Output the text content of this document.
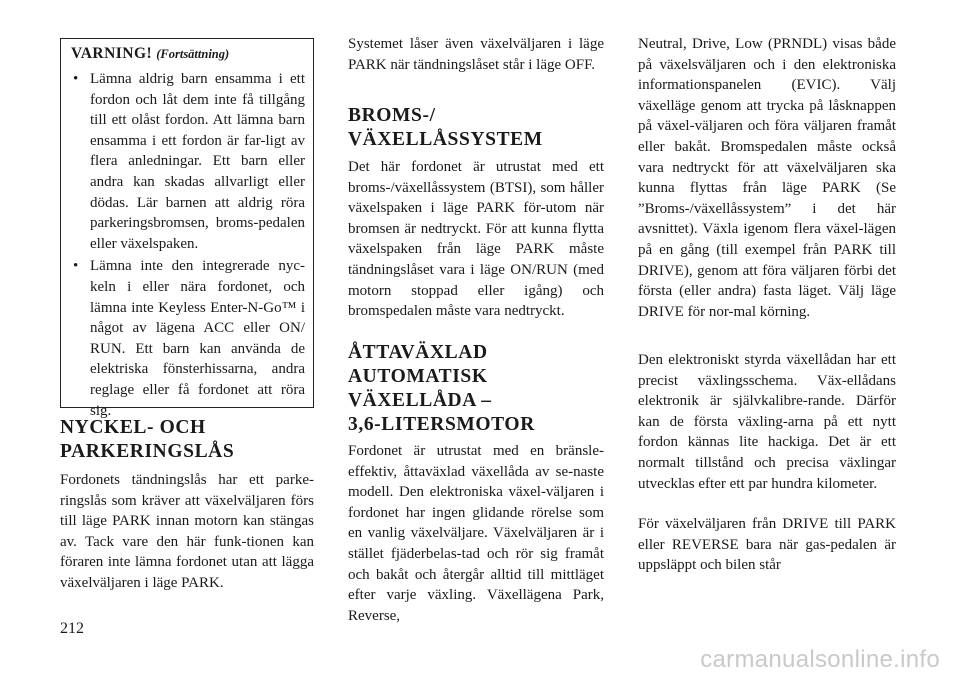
VARNING! (Fortsättning)
• Lämna aldrig barn ensamma i ett fordon och låt dem inte få tillgång till ett olåst fordon. Att lämna barn ensamma i ett fordon är far-ligt av flera anledningar. Ett barn eller andra kan skadas allvarligt eller dödas. Lär barnen att aldrig röra parkeringsbromsen, broms-pedalen eller växelspaken.
• Lämna inte den integrerade nyc-keln i eller nära fordonet, och lämna inte Keyless Enter-N-Go™ i något av lägena ACC eller ON/ RUN. Ett barn kan använda de elektriska fönsterhissarna, andra reglage eller få fordonet att röra sig.
NYCKEL- OCH
PARKERINGSLÅS

Fordonets tändningslås har ett parke-ringslås som kräver att växelväljaren förs till läge PARK innan motorn kan stängas av. Tack vare den här funk-tionen kan föraren inte lämna fordonet utan att lägga växelväljaren i läge PARK.

Systemet låser även växelväljaren i läge PARK när tändningslåset står i läge OFF.

BROMS-/
VÄXELLÅSSYSTEM

Det här fordonet är utrustat med ett broms-/växellåssystem (BTSI), som håller växelspaken i läge PARK för-utom när bromsen är nedtryckt. För att kunna flytta växelspaken från läge PARK måste tändningslåset vara i läge ON/RUN (med motorn stoppad eller igång) och bromspedalen måste vara nedtryckt.

ÅTTAVÄXLAD
AUTOMATISK
VÄXELLÅDA –
3,6-LITERSMOTOR

Fordonet är utrustat med en bränsle-effektiv, åttaväxlad växellåda av se-naste modell. Den elektroniska växel-väljaren i fordonet har ingen glidande rörelse som en vanlig växelväljare. Växelväljaren är i stället fjäderbelas-tad och rör sig framåt och bakåt och återgår alltid till mittläget efter varje växling. Växellägena Park, Reverse,

Neutral, Drive, Low (PRNDL) visas både på växelsväljaren och i den elektroniska informationspanelen (EVIC). Välj växelläge genom att trycka på låsknappen på växel-väljaren och föra väljaren framåt eller bakåt. Bromspedalen måste också vara nedtryckt för att växelväljaren ska kunna flyttas från läge PARK (Se ”Broms-/växellåssystem” i det här avsnittet). Växla igenom flera växel-lägen på en gång (till exempel från PARK till DRIVE), genom att föra väljaren förbi det första (eller andra) fasta läget. Välj läge DRIVE för nor-mal körning.

Den elektroniskt styrda växellådan har ett precist växlingsschema. Väx-ellådans elektronik är självkalibre-rande. Därför kan de första växling-arna på ett nytt fordon kännas lite hackiga. Det är ett normalt tillstånd och precisa växlingar utvecklas efter ett par hundra kilometer.

För växelväljaren från DRIVE till PARK eller REVERSE bara när gas-pedalen är uppsläppt och bilen står

212
carmanualsonline.info
